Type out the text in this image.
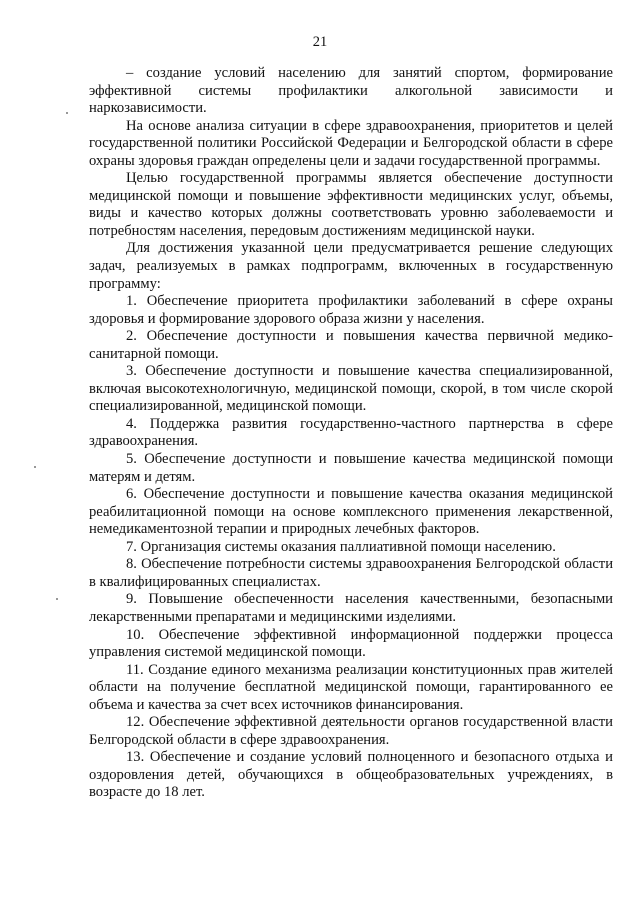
21

– создание условий населению для занятий спортом, формирование эффективной системы профилактики алкогольной зависимости и наркозависимости.

На основе анализа ситуации в сфере здравоохранения, приоритетов и целей государственной политики Российской Федерации и Белгородской области в сфере охраны здоровья граждан определены цели и задачи государственной программы.

Целью государственной программы является обеспечение доступности медицинской помощи и повышение эффективности медицинских услуг, объемы, виды и качество которых должны соответствовать уровню заболеваемости и потребностям населения, передовым достижениям медицинской науки.

Для достижения указанной цели предусматривается решение следующих задач, реализуемых в рамках подпрограмм, включенных в государственную программу:

1. Обеспечение приоритета профилактики заболеваний в сфере охраны здоровья и формирование здорового образа жизни у населения.

2. Обеспечение доступности и повышения качества первичной медико-санитарной помощи.

3. Обеспечение доступности и повышение качества специализированной, включая высокотехнологичную, медицинской помощи, скорой, в том числе скорой специализированной, медицинской помощи.

4. Поддержка развития государственно-частного партнерства в сфере здравоохранения.

5. Обеспечение доступности и повышение качества медицинской помощи матерям и детям.

6. Обеспечение доступности и повышение качества оказания медицинской реабилитационной помощи на основе комплексного применения лекарственной, немедикаментозной терапии и природных лечебных факторов.

7. Организация системы оказания паллиативной помощи населению.

8. Обеспечение потребности системы здравоохранения Белгородской области в квалифицированных специалистах.

9. Повышение обеспеченности населения качественными, безопасными лекарственными препаратами и медицинскими изделиями.

10. Обеспечение эффективной информационной поддержки процесса управления системой медицинской помощи.

11. Создание единого механизма реализации конституционных прав жителей области на получение бесплатной медицинской помощи, гарантированного ее объема и качества за счет всех источников финансирования.

12. Обеспечение эффективной деятельности органов государственной власти Белгородской области в сфере здравоохранения.

13. Обеспечение и создание условий полноценного и безопасного отдыха и оздоровления детей, обучающихся в общеобразовательных учреждениях, в возрасте до 18 лет.
